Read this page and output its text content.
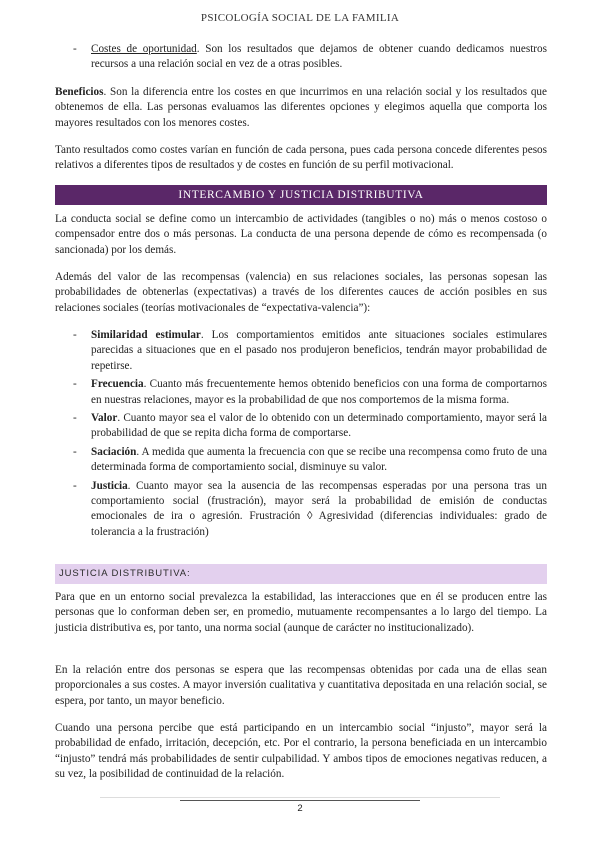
PSICOLOGÍA SOCIAL DE LA FAMILIA
- Costes de oportunidad. Son los resultados que dejamos de obtener cuando dedicamos nuestros recursos a una relación social en vez de a otras posibles.

Beneficios. Son la diferencia entre los costes en que incurrimos en una relación social y los resultados que obtenemos de ella. Las personas evaluamos las diferentes opciones y elegimos aquella que comporta los mayores resultados con los menores costes.

Tanto resultados como costes varían en función de cada persona, pues cada persona concede diferentes pesos relativos a diferentes tipos de resultados y de costes en función de su perfil motivacional.

INTERCAMBIO Y JUSTICIA DISTRIBUTIVA

La conducta social se define como un intercambio de actividades (tangibles o no) más o menos costoso o compensador entre dos o más personas. La conducta de una persona depende de cómo es recompensada (o sancionada) por los demás.

Además del valor de las recompensas (valencia) en sus relaciones sociales, las personas sopesan las probabilidades de obtenerlas (expectativas) a través de los diferentes cauces de acción posibles en sus relaciones sociales (teorías motivacionales de “expectativa-valencia”):

- Similaridad estimular. Los comportamientos emitidos ante situaciones sociales estimulares parecidas a situaciones que en el pasado nos produjeron beneficios, tendrán mayor probabilidad de repetirse.
- Frecuencia. Cuanto más frecuentemente hemos obtenido beneficios con una forma de comportarnos en nuestras relaciones, mayor es la probabilidad de que nos comportemos de la misma forma.
- Valor. Cuanto mayor sea el valor de lo obtenido con un determinado comportamiento, mayor será la probabilidad de que se repita dicha forma de comportarse.
- Saciación. A medida que aumenta la frecuencia con que se recibe una recompensa como fruto de una determinada forma de comportamiento social, disminuye su valor.
- Justicia. Cuanto mayor sea la ausencia de las recompensas esperadas por una persona tras un comportamiento social (frustración), mayor será la probabilidad de emisión de conductas emocionales de ira o agresión. Frustración ◊ Agresividad (diferencias individuales: grado de tolerancia a la frustración)
JUSTICIA DISTRIBUTIVA:

Para que en un entorno social prevalezca la estabilidad, las interacciones que en él se producen entre las personas que lo conforman deben ser, en promedio, mutuamente recompensantes a lo largo del tiempo. La justicia distributiva es, por tanto, una norma social (aunque de carácter no institucionalizado).

En la relación entre dos personas se espera que las recompensas obtenidas por cada una de ellas sean proporcionales a sus costes. A mayor inversión cualitativa y cuantitativa depositada en una relación social, se espera, por tanto, un mayor beneficio.

Cuando una persona percibe que está participando en un intercambio social “injusto”, mayor será la probabilidad de enfado, irritación, decepción, etc. Por el contrario, la persona beneficiada en un intercambio “injusto” tendrá más probabilidades de sentir culpabilidad. Y ambos tipos de emociones negativas reducen, a su vez, la posibilidad de continuidad de la relación.

2
